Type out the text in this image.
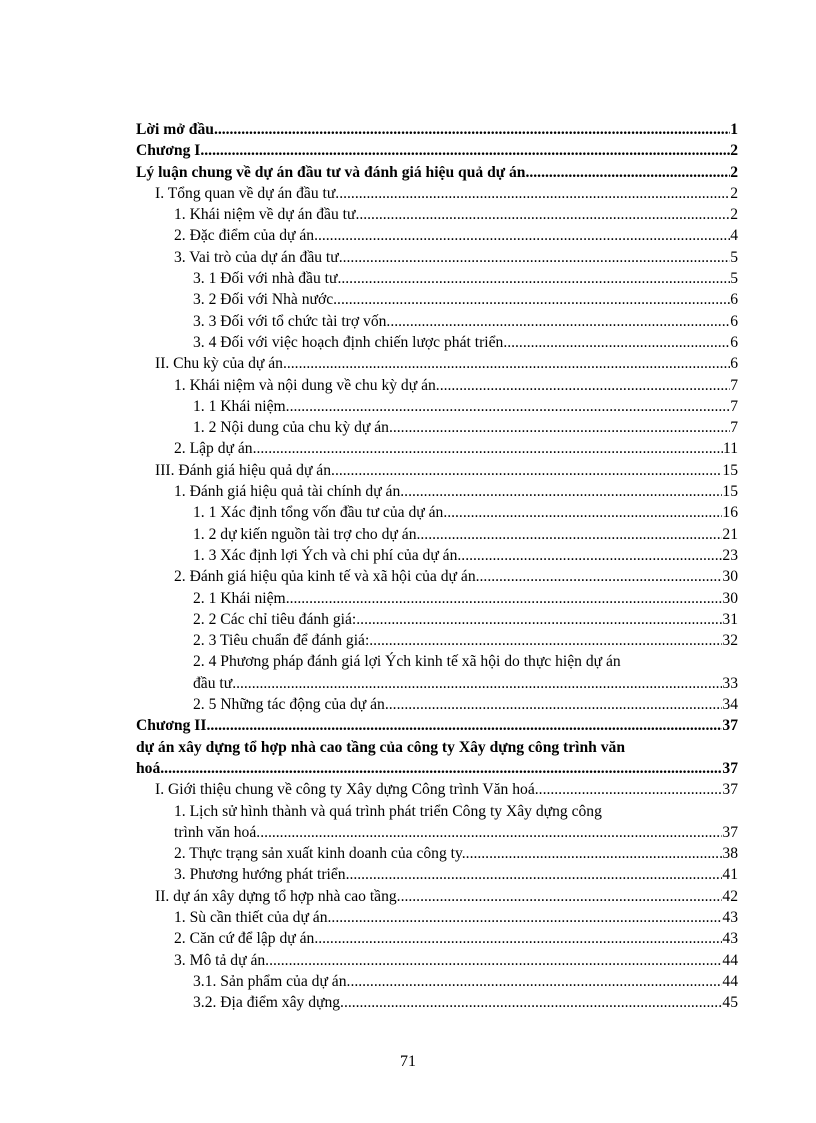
Lời mở đầu .....	1
Chương I .....	2
Lý luận chung về dự án đầu tư và đánh giá hiệu quả dự án. .....	2
I. Tổng quan về dự án đầu tư. .....	2
1. Khái niệm về dự án đầu tư. .....	2
2. Đặc điểm của dự án. .....	4
3. Vai trò của dự án đầu tư. .....	5
3. 1 Đối với nhà đầu tư. .....	5
3. 2 Đối với Nhà nước. .....	6
3. 3 Đối với tổ chức tài trợ vốn. .....	6
3. 4 Đối với việc hoạch định chiến lược phát triển. .....	6
II. Chu kỳ của dự án. .....	6
1. Khái niệm và nội dung về chu kỳ dự án. .....	7
1. 1 Khái niệm. .....	7
1. 2 Nội dung của chu kỳ dự án. .....	7
2. Lập dự án. .....	11
III. Đánh giá hiệu quả dự án. .....	15
1. Đánh giá hiệu quả tài chính dự án. .....	15
1. 1 Xác định tổng vốn đầu tư của dự án. .....	16
1. 2 dự kiến nguồn tài trợ cho dự án. .....	21
1. 3 Xác định lợi Ých và chi phí của dự án .....	23
2. Đánh giá hiệu qủa kinh tế và xã hội của dự án. .....	30
2. 1 Khái niệm .....	30
2. 2 Các chỉ tiêu đánh giá: .....	31
2. 3 Tiêu chuẩn để đánh giá: .....	32
2. 4 Phương pháp đánh giá lợi Ých kinh tế xã hội do thực hiện dự án
đầu tư. .....	33
2. 5 Những tác động của dự án. .....	34
Chương II .....	37
dự án xây dựng tổ hợp nhà cao tầng của công ty Xây dựng công trình văn
hoá .....	37
I. Giới thiệu chung về công ty Xây dựng Công trình Văn hoá .....	37
1. Lịch sử hình thành và quá trình phát triển Công ty Xây dựng công
trình văn hoá. .....	37
2. Thực trạng sản xuất kinh doanh của công ty. .....	38
3. Phương hướng phát triển .....	41
II. dự án xây dựng tổ hợp nhà cao tầng. .....	42
1. Sù cần thiết của dự án. .....	43
2. Căn cứ để lập dự án. .....	43
3. Mô tả dự án. .....	44
3.1. Sản phẩm của dự án. .....	44
3.2. Địa điểm xây dựng. .....	45
71
